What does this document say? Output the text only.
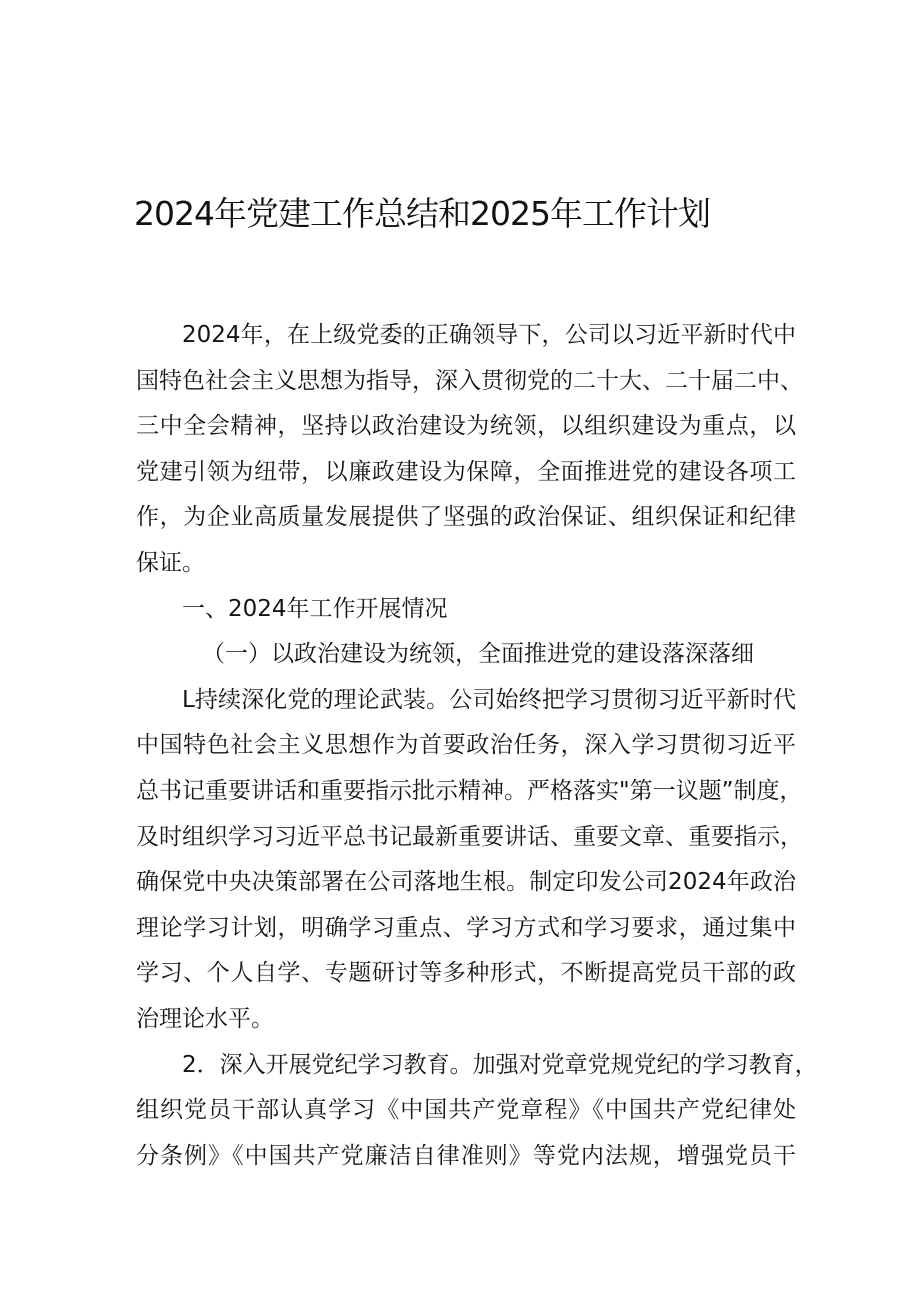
2024年党建工作总结和2025年工作计划
2024年，在上级党委的正确领导下，公司以习近平新时代中
国特色社会主义思想为指导，深入贯彻党的二十大、二十届二中、
三中全会精神，坚持以政治建设为统领，以组织建设为重点，以
党建引领为纽带，以廉政建设为保障，全面推进党的建设各项工
作，为企业高质量发展提供了坚强的政治保证、组织保证和纪律
保证。
一、2024年工作开展情况
（一）以政治建设为统领，全面推进党的建设落深落细
L持续深化党的理论武装。公司始终把学习贯彻习近平新时代
中国特色社会主义思想作为首要政治任务，深入学习贯彻习近平
总书记重要讲话和重要指示批示精神。严格落实"第一议题”制度，
及时组织学习习近平总书记最新重要讲话、重要文章、重要指示，
确保党中央决策部署在公司落地生根。制定印发公司2024年政治
理论学习计划，明确学习重点、学习方式和学习要求，通过集中
学习、个人自学、专题研讨等多种形式，不断提高党员干部的政
治理论水平。
2．深入开展党纪学习教育。加强对党章党规党纪的学习教育，
组织党员干部认真学习《中国共产党章程》《中国共产党纪律处
分条例》《中国共产党廉洁自律准则》等党内法规，增强党员干
